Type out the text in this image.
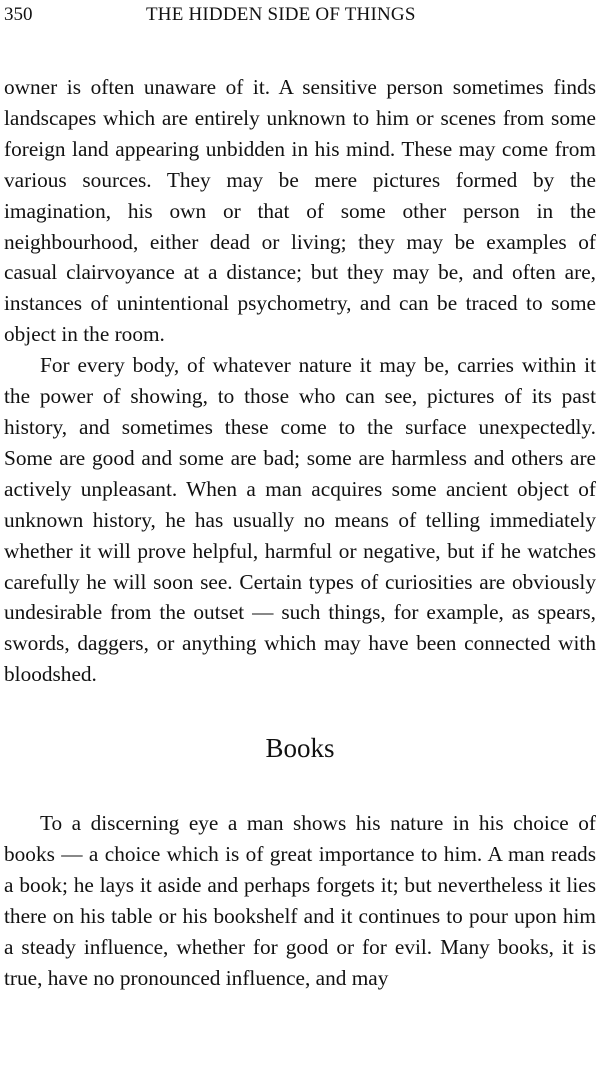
350	THE HIDDEN SIDE OF THINGS

owner is often unaware of it. A sensitive person sometimes finds landscapes which are entirely unknown to him or scenes from some foreign land appearing unbidden in his mind. These may come from various sources. They may be mere pictures formed by the imagination, his own or that of some other person in the neighbourhood, either dead or living; they may be examples of casual clairvoyance at a distance; but they may be, and often are, instances of unintentional psychometry, and can be traced to some object in the room.

For every body, of whatever nature it may be, carries within it the power of showing, to those who can see, pictures of its past history, and sometimes these come to the surface unexpectedly. Some are good and some are bad; some are harmless and others are actively unpleasant. When a man acquires some ancient object of unknown history, he has usually no means of telling immediately whether it will prove helpful, harmful or negative, but if he watches carefully he will soon see. Certain types of curiosities are obviously undesirable from the outset — such things, for example, as spears, swords, daggers, or anything which may have been connected with bloodshed.

Books

To a discerning eye a man shows his nature in his choice of books — a choice which is of great importance to him. A man reads a book; he lays it aside and perhaps forgets it; but nevertheless it lies there on his table or his bookshelf and it continues to pour upon him a steady influence, whether for good or for evil. Many books, it is true, have no pronounced influence, and may
